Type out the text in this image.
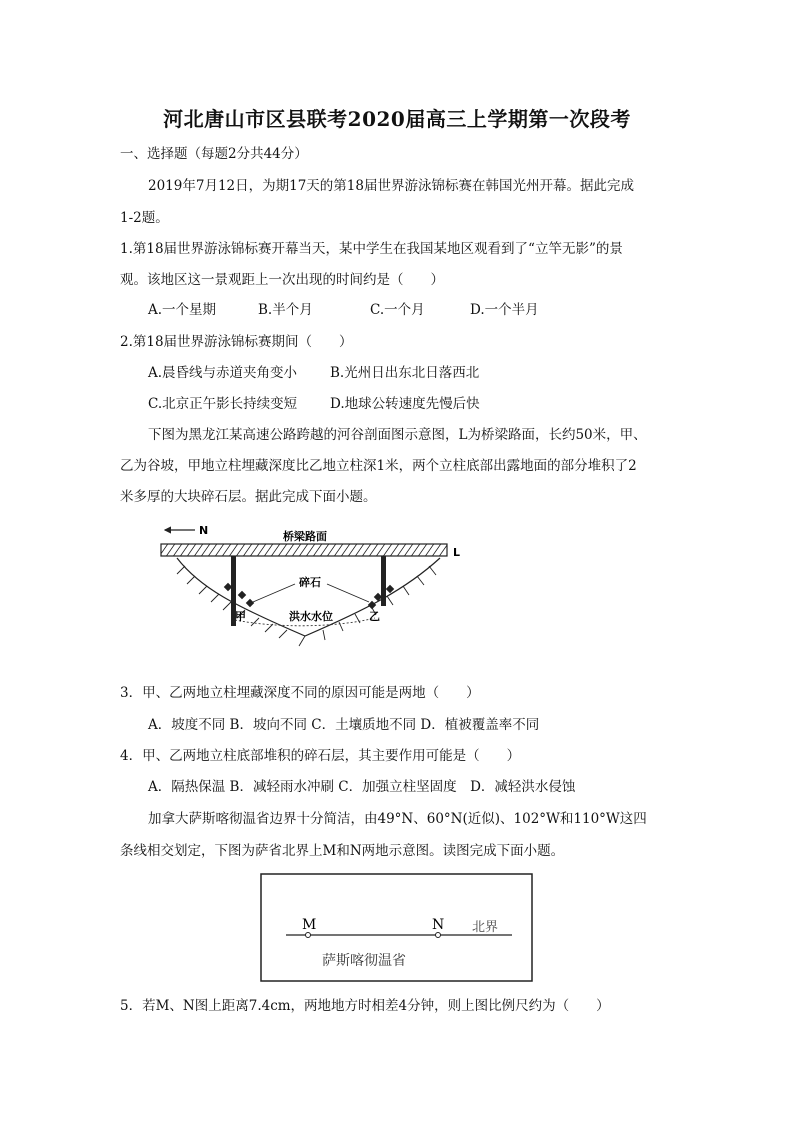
河北唐山市区县联考2020届高三上学期第一次段考
一、选择题（每题2分共44分）
2019年7月12日，为期17天的第18届世界游泳锦标赛在韩国光州开幕。据此完成
1-2题。
1.第18届世界游泳锦标赛开幕当天，某中学生在我国某地区观看到了“立竿无影”的景
观。该地区这一景观距上一次出现的时间约是（　　）
A.一个星期	B.半个月	C.一个月	D.一个半月
2.第18届世界游泳锦标赛期间（　　）
A.晨昏线与赤道夹角变小 B.光州日出东北日落西北
C.北京正午影长持续变短 D.地球公转速度先慢后快
下图为黑龙江某高速公路跨越的河谷剖面图示意图，L为桥梁路面，长约50米，甲、
乙为谷坡，甲地立柱埋藏深度比乙地立柱深1米，两个立柱底部出露地面的部分堆积了2
米多厚的大块碎石层。据此完成下面小题。
N	桥梁路面
L
碎石
甲	乙
洪水水位
3．甲、乙两地立柱埋藏深度不同的原因可能是两地（　　）
A．坡度不同 B．坡向不同 C．土壤质地不同 D．植被覆盖率不同
4．甲、乙两地立柱底部堆积的碎石层，其主要作用可能是（　　）
A．隔热保温 B．减轻雨水冲刷 C．加强立柱坚固度　D．减轻洪水侵蚀
加拿大萨斯喀彻温省边界十分简洁，由49°N、60°N(近似)、102°W和110°W这四
条线相交划定，下图为萨省北界上M和N两地示意图。读图完成下面小题。
M	N 北界
萨斯喀彻温省
5．若M、N图上距离7.4cm，两地地方时相差4分钟，则上图比例尺约为（　　）
